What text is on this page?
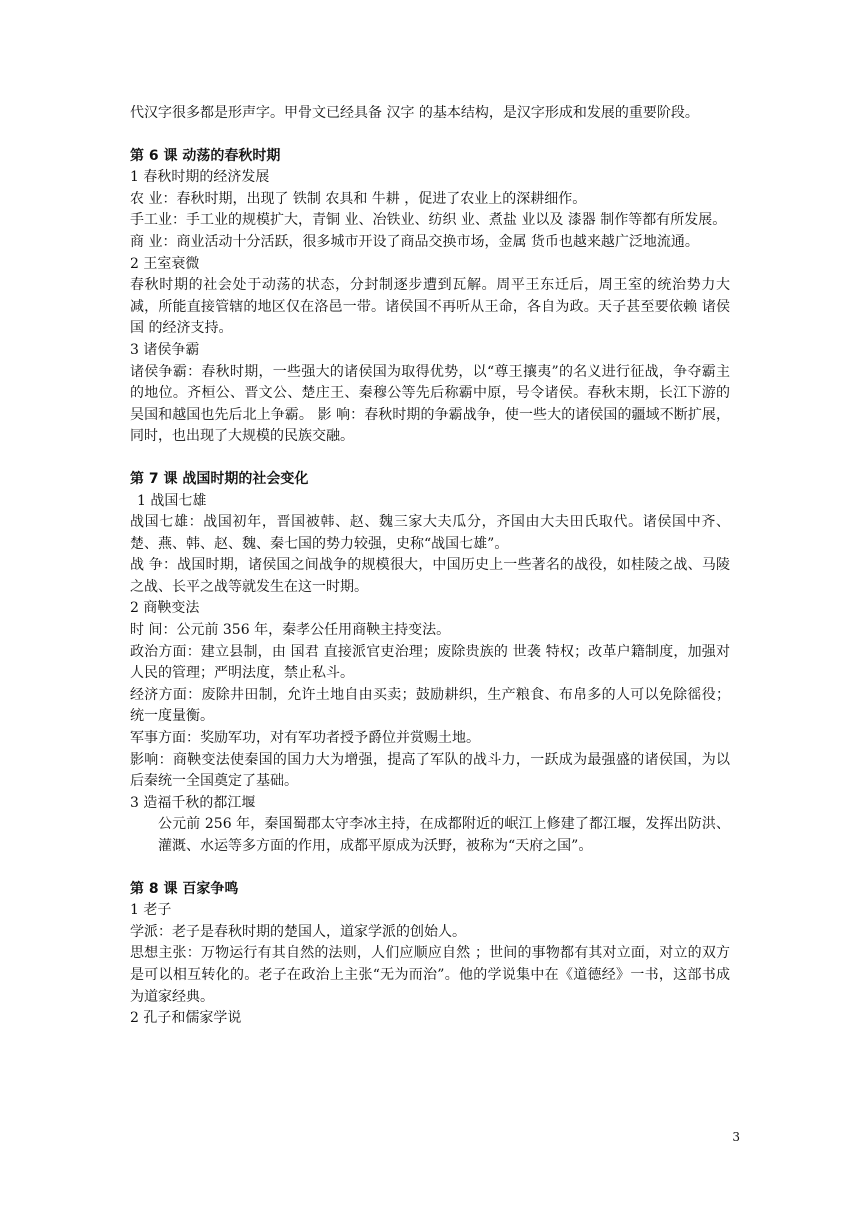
代汉字很多都是形声字。甲骨文已经具备 汉字 的基本结构，是汉字形成和发展的重要阶段。

第 6 课 动荡的春秋时期

1 春秋时期的经济发展

农 业：春秋时期，出现了 铁制 农具和 牛耕 ，促进了农业上的深耕细作。

手工业：手工业的规模扩大，青铜 业、冶铁业、纺织 业、煮盐 业以及 漆器 制作等都有所发展。

商 业：商业活动十分活跃，很多城市开设了商品交换市场，金属 货币也越来越广泛地流通。

2 王室衰微

春秋时期的社会处于动荡的状态，分封制逐步遭到瓦解。周平王东迁后，周王室的统治势力大减，所能直接管辖的地区仅在洛邑一带。诸侯国不再听从王命，各自为政。天子甚至要依赖 诸侯国 的经济支持。

3 诸侯争霸

诸侯争霸：春秋时期，一些强大的诸侯国为取得优势，以“尊王攘夷”的名义进行征战，争夺霸主的地位。齐桓公、晋文公、楚庄王、秦穆公等先后称霸中原，号令诸侯。春秋末期，长江下游的吴国和越国也先后北上争霸。 影 响：春秋时期的争霸战争，使一些大的诸侯国的疆域不断扩展，同时，也出现了大规模的民族交融。

第 7 课 战国时期的社会变化

1 战国七雄

战国七雄：战国初年，晋国被韩、赵、魏三家大夫瓜分，齐国由大夫田氏取代。诸侯国中齐、楚、燕、韩、赵、魏、秦七国的势力较强，史称“战国七雄”。

战 争：战国时期，诸侯国之间战争的规模很大，中国历史上一些著名的战役，如桂陵之战、马陵之战、长平之战等就发生在这一时期。

2 商鞅变法

时 间：公元前 356 年，秦孝公任用商鞅主持变法。

政治方面：建立县制，由 国君 直接派官吏治理；废除贵族的 世袭 特权；改革户籍制度，加强对人民的管理；严明法度，禁止私斗。

经济方面：废除井田制，允许土地自由买卖；鼓励耕织，生产粮食、布帛多的人可以免除徭役；统一度量衡。

军事方面：奖励军功，对有军功者授予爵位并赏赐土地。

影响：商鞅变法使秦国的国力大为增强，提高了军队的战斗力，一跃成为最强盛的诸侯国，为以后秦统一全国奠定了基础。

3 造福千秋的都江堰

公元前 256 年，秦国蜀郡太守李冰主持，在成都附近的岷江上修建了都江堰，发挥出防洪、灌溉、水运等多方面的作用，成都平原成为沃野，被称为“天府之国”。

第 8 课 百家争鸣

1 老子

学派：老子是春秋时期的楚国人，道家学派的创始人。

思想主张：万物运行有其自然的法则，人们应顺应自然 ；世间的事物都有其对立面，对立的双方是可以相互转化的。老子在政治上主张“无为而治”。他的学说集中在《道德经》一书，这部书成为道家经典。

2 孔子和儒家学说

3
